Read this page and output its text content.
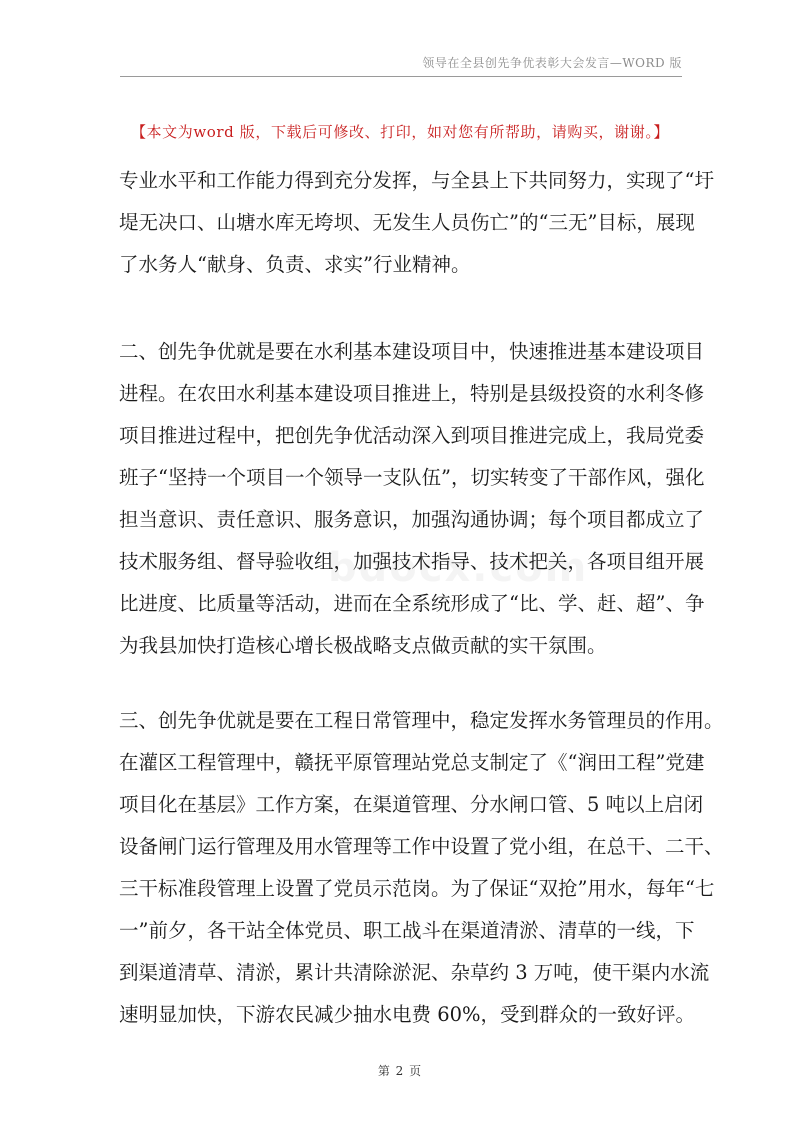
领导在全县创先争优表彰大会发言—WORD 版
【本文为word 版，下载后可修改、打印，如对您有所帮助，请购买，谢谢。】
专业水平和工作能力得到充分发挥，与全县上下共同努力，实现了“圩
堤无决口、山塘水库无垮坝、无发生人员伤亡”的“三无”目标，展现
了水务人“献身、负责、求实”行业精神。
二、创先争优就是要在水利基本建设项目中，快速推进基本建设项目
进程。在农田水利基本建设项目推进上，特别是县级投资的水利冬修
项目推进过程中，把创先争优活动深入到项目推进完成上，我局党委
班子“坚持一个项目一个领导一支队伍”，切实转变了干部作风，强化
担当意识、责任意识、服务意识，加强沟通协调；每个项目都成立了
技术服务组、督导验收组，加强技术指导、技术把关，各项目组开展
比进度、比质量等活动，进而在全系统形成了“比、学、赶、超”、争
为我县加快打造核心增长极战略支点做贡献的实干氛围。
三、创先争优就是要在工程日常管理中，稳定发挥水务管理员的作用。
在灌区工程管理中，赣抚平原管理站党总支制定了《“润田工程”党建
项目化在基层》工作方案，在渠道管理、分水闸口管、5 吨以上启闭
设备闸门运行管理及用水管理等工作中设置了党小组，在总干、二干、
三干标准段管理上设置了党员示范岗。为了保证“双抢”用水，每年“七
一”前夕，各干站全体党员、职工战斗在渠道清淤、清草的一线，下
到渠道清草、清淤，累计共清除淤泥、杂草约 3 万吨，使干渠内水流
速明显加快，下游农民减少抽水电费 60%，受到群众的一致好评。
第 2 页
